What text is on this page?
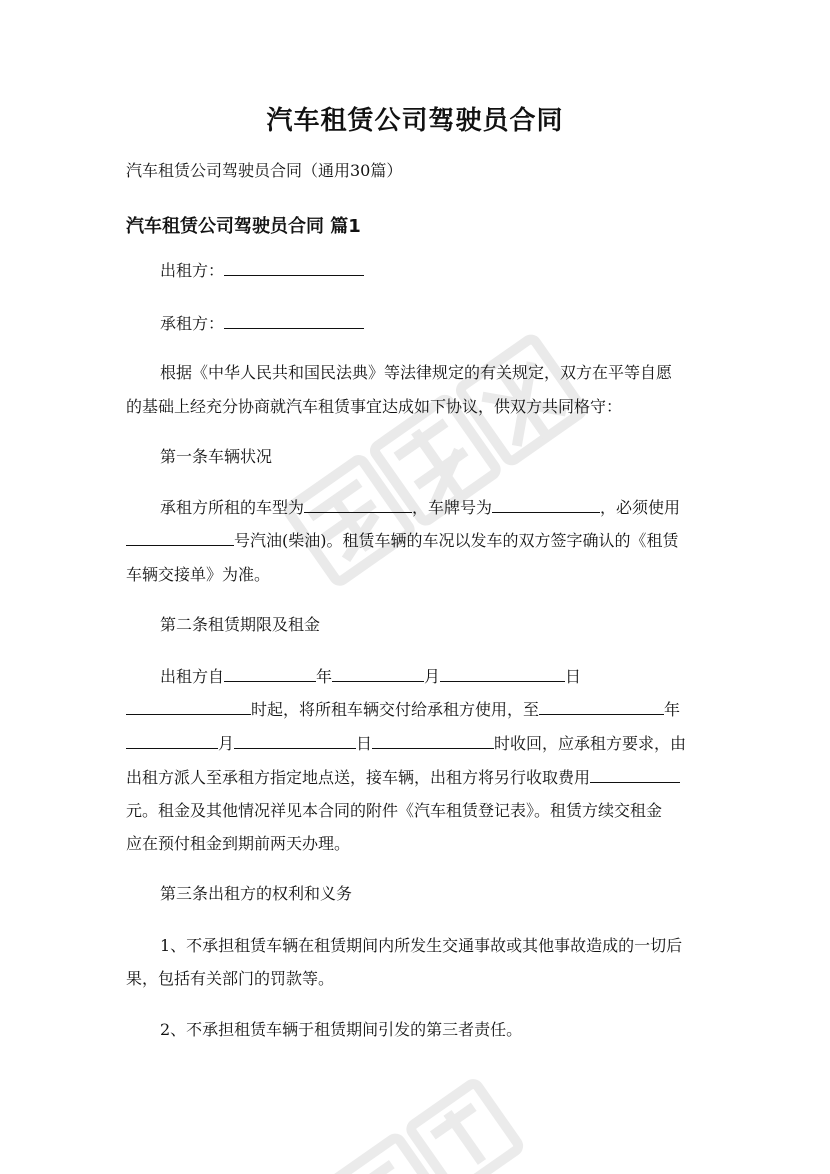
汽车租赁公司驾驶员合同
汽车租赁公司驾驶员合同（通用30篇）
汽车租赁公司驾驶员合同 篇1
出租方：
承租方：
根据《中华人民共和国民法典》等法律规定的有关规定，双方在平等自愿
的基础上经充分协商就汽车租赁事宜达成如下协议，供双方共同格守：
第一条车辆状况
承租方所租的车型为	，车牌号为	，必须使用
号汽油(柴油)。租赁车辆的车况以发车的双方签字确认的《租赁
车辆交接单》为准。
第二条租赁期限及租金
出租方自	年	月	日
时起，将所租车辆交付给承租方使用，至	年
月	日	时收回，应承租方要求，由
出租方派人至承租方指定地点送，接车辆，出租方将另行收取费用
元。租金及其他情况祥见本合同的附件《汽车租赁登记表》。租赁方续交租金
应在预付租金到期前两天办理。
第三条出租方的权利和义务
1、不承担租赁车辆在租赁期间内所发生交通事故或其他事故造成的一切后
果，包括有关部门的罚款等。
2、不承担租赁车辆于租赁期间引发的第三者责任。
